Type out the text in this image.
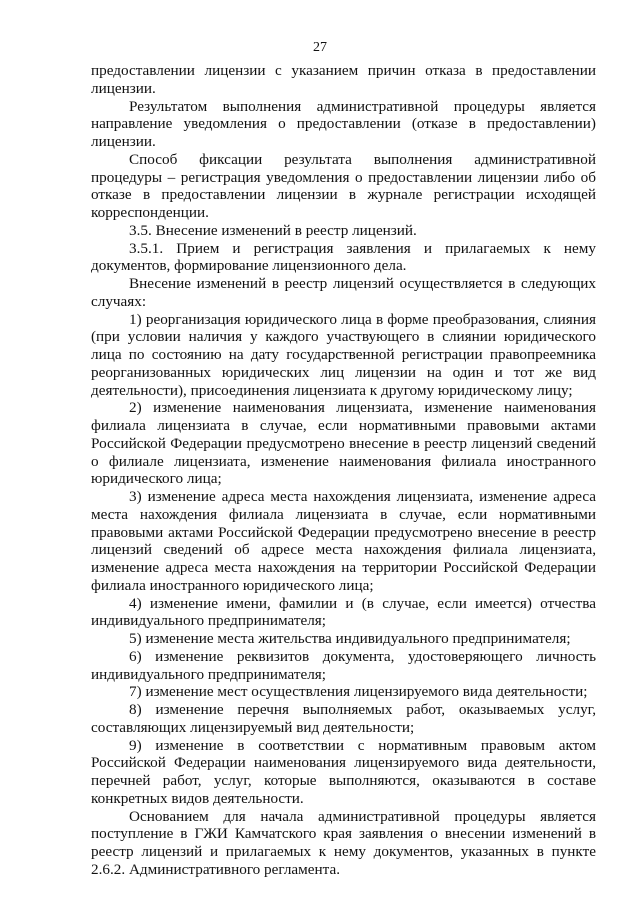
27

предоставлении лицензии с указанием причин отказа в предоставлении лицензии.

Результатом выполнения административной процедуры является направление уведомления о предоставлении (отказе в предоставлении) лицензии.

Способ фиксации результата выполнения административной процедуры – регистрация уведомления о предоставлении лицензии либо об отказе в предоставлении лицензии в журнале регистрации исходящей корреспонденции.

3.5. Внесение изменений в реестр лицензий.

3.5.1. Прием и регистрация заявления и прилагаемых к нему документов, формирование лицензионного дела.

Внесение изменений в реестр лицензий осуществляется в следующих случаях:

1) реорганизация юридического лица в форме преобразования, слияния (при условии наличия у каждого участвующего в слиянии юридического лица по состоянию на дату государственной регистрации правопреемника реорганизованных юридических лиц лицензии на один и тот же вид деятельности), присоединения лицензиата к другому юридическому лицу;

2) изменение наименования лицензиата, изменение наименования филиала лицензиата в случае, если нормативными правовыми актами Российской Федерации предусмотрено внесение в реестр лицензий сведений о филиале лицензиата, изменение наименования филиала иностранного юридического лица;

3) изменение адреса места нахождения лицензиата, изменение адреса места нахождения филиала лицензиата в случае, если нормативными правовыми актами Российской Федерации предусмотрено внесение в реестр лицензий сведений об адресе места нахождения филиала лицензиата, изменение адреса места нахождения на территории Российской Федерации филиала иностранного юридического лица;

4) изменение имени, фамилии и (в случае, если имеется) отчества индивидуального предпринимателя;

5) изменение места жительства индивидуального предпринимателя;

6) изменение реквизитов документа, удостоверяющего личность индивидуального предпринимателя;

7) изменение мест осуществления лицензируемого вида деятельности;

8) изменение перечня выполняемых работ, оказываемых услуг, составляющих лицензируемый вид деятельности;

9) изменение в соответствии с нормативным правовым актом Российской Федерации наименования лицензируемого вида деятельности, перечней работ, услуг, которые выполняются, оказываются в составе конкретных видов деятельности.

Основанием для начала административной процедуры является поступление в ГЖИ Камчатского края заявления о внесении изменений в реестр лицензий и прилагаемых к нему документов, указанных в пункте 2.6.2. Административного регламента.
